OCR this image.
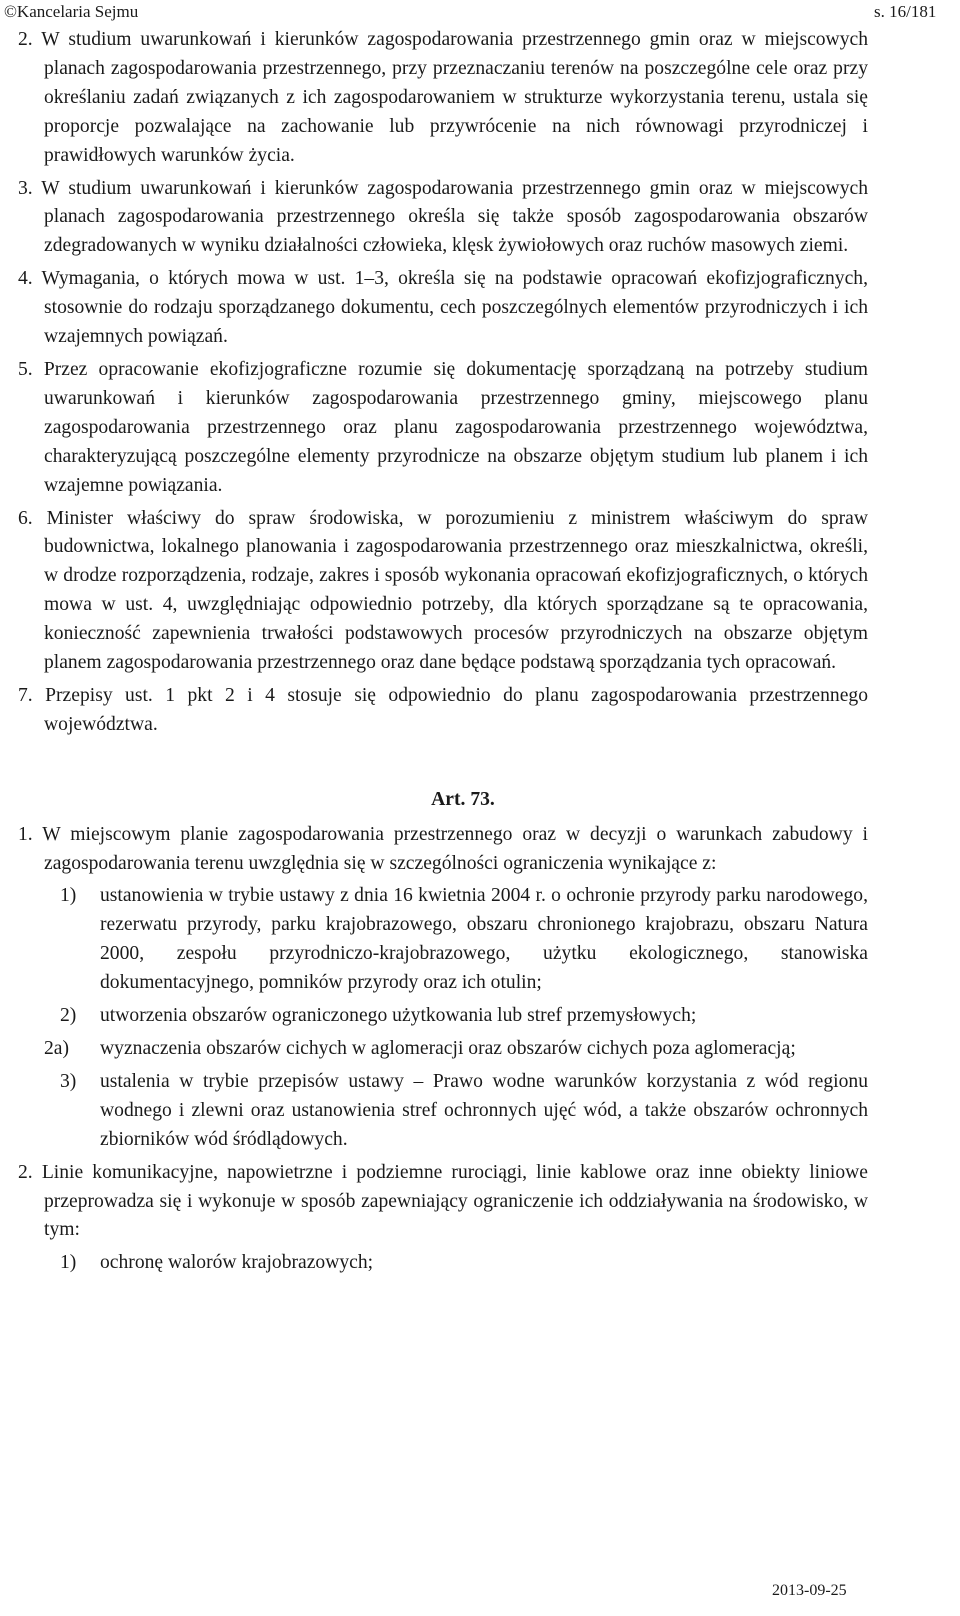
©Kancelaria Sejmu	s. 16/181

2. W studium uwarunkowań i kierunków zagospodarowania przestrzennego gmin oraz w miejscowych planach zagospodarowania przestrzennego, przy przeznaczaniu terenów na poszczególne cele oraz przy określaniu zadań związanych z ich zagospodarowaniem w strukturze wykorzystania terenu, ustala się proporcje pozwalające na zachowanie lub przywrócenie na nich równowagi przyrodniczej i prawidłowych warunków życia.

3. W studium uwarunkowań i kierunków zagospodarowania przestrzennego gmin oraz w miejscowych planach zagospodarowania przestrzennego określa się także sposób zagospodarowania obszarów zdegradowanych w wyniku działalności człowieka, klęsk żywiołowych oraz ruchów masowych ziemi.

4. Wymagania, o których mowa w ust. 1–3, określa się na podstawie opracowań ekofizjograficznych, stosownie do rodzaju sporządzanego dokumentu, cech poszczególnych elementów przyrodniczych i ich wzajemnych powiązań.

5. Przez opracowanie ekofizjograficzne rozumie się dokumentację sporządzaną na potrzeby studium uwarunkowań i kierunków zagospodarowania przestrzennego gminy, miejscowego planu zagospodarowania przestrzennego oraz planu zagospodarowania przestrzennego województwa, charakteryzującą poszczególne elementy przyrodnicze na obszarze objętym studium lub planem i ich wzajemne powiązania.

6. Minister właściwy do spraw środowiska, w porozumieniu z ministrem właściwym do spraw budownictwa, lokalnego planowania i zagospodarowania przestrzennego oraz mieszkalnictwa, określi, w drodze rozporządzenia, rodzaje, zakres i sposób wykonania opracowań ekofizjograficznych, o których mowa w ust. 4, uwzględniając odpowiednio potrzeby, dla których sporządzane są te opracowania, konieczność zapewnienia trwałości podstawowych procesów przyrodniczych na obszarze objętym planem zagospodarowania przestrzennego oraz dane będące podstawą sporządzania tych opracowań.

7. Przepisy ust. 1 pkt 2 i 4 stosuje się odpowiednio do planu zagospodarowania przestrzennego województwa.

Art. 73.

1. W miejscowym planie zagospodarowania przestrzennego oraz w decyzji o warunkach zabudowy i zagospodarowania terenu uwzględnia się w szczególności ograniczenia wynikające z:

1)	ustanowienia w trybie ustawy z dnia 16 kwietnia 2004 r. o ochronie przyrody parku narodowego, rezerwatu przyrody, parku krajobrazowego, obszaru chronionego krajobrazu, obszaru Natura 2000, zespołu przyrodniczo-krajobrazowego, użytku ekologicznego, stanowiska dokumentacyjnego, pomników przyrody oraz ich otulin;
2)	utworzenia obszarów ograniczonego użytkowania lub stref przemysłowych;
2a)	wyznaczenia obszarów cichych w aglomeracji oraz obszarów cichych poza aglomeracją;
3)	ustalenia w trybie przepisów ustawy – Prawo wodne warunków korzystania z wód regionu wodnego i zlewni oraz ustanowienia stref ochronnych ujęć wód, a także obszarów ochronnych zbiorników wód śródlądowych.

2. Linie komunikacyjne, napowietrzne i podziemne rurociągi, linie kablowe oraz inne obiekty liniowe przeprowadza się i wykonuje w sposób zapewniający ograniczenie ich oddziaływania na środowisko, w tym:

1)	ochronę walorów krajobrazowych;
2013-09-25
